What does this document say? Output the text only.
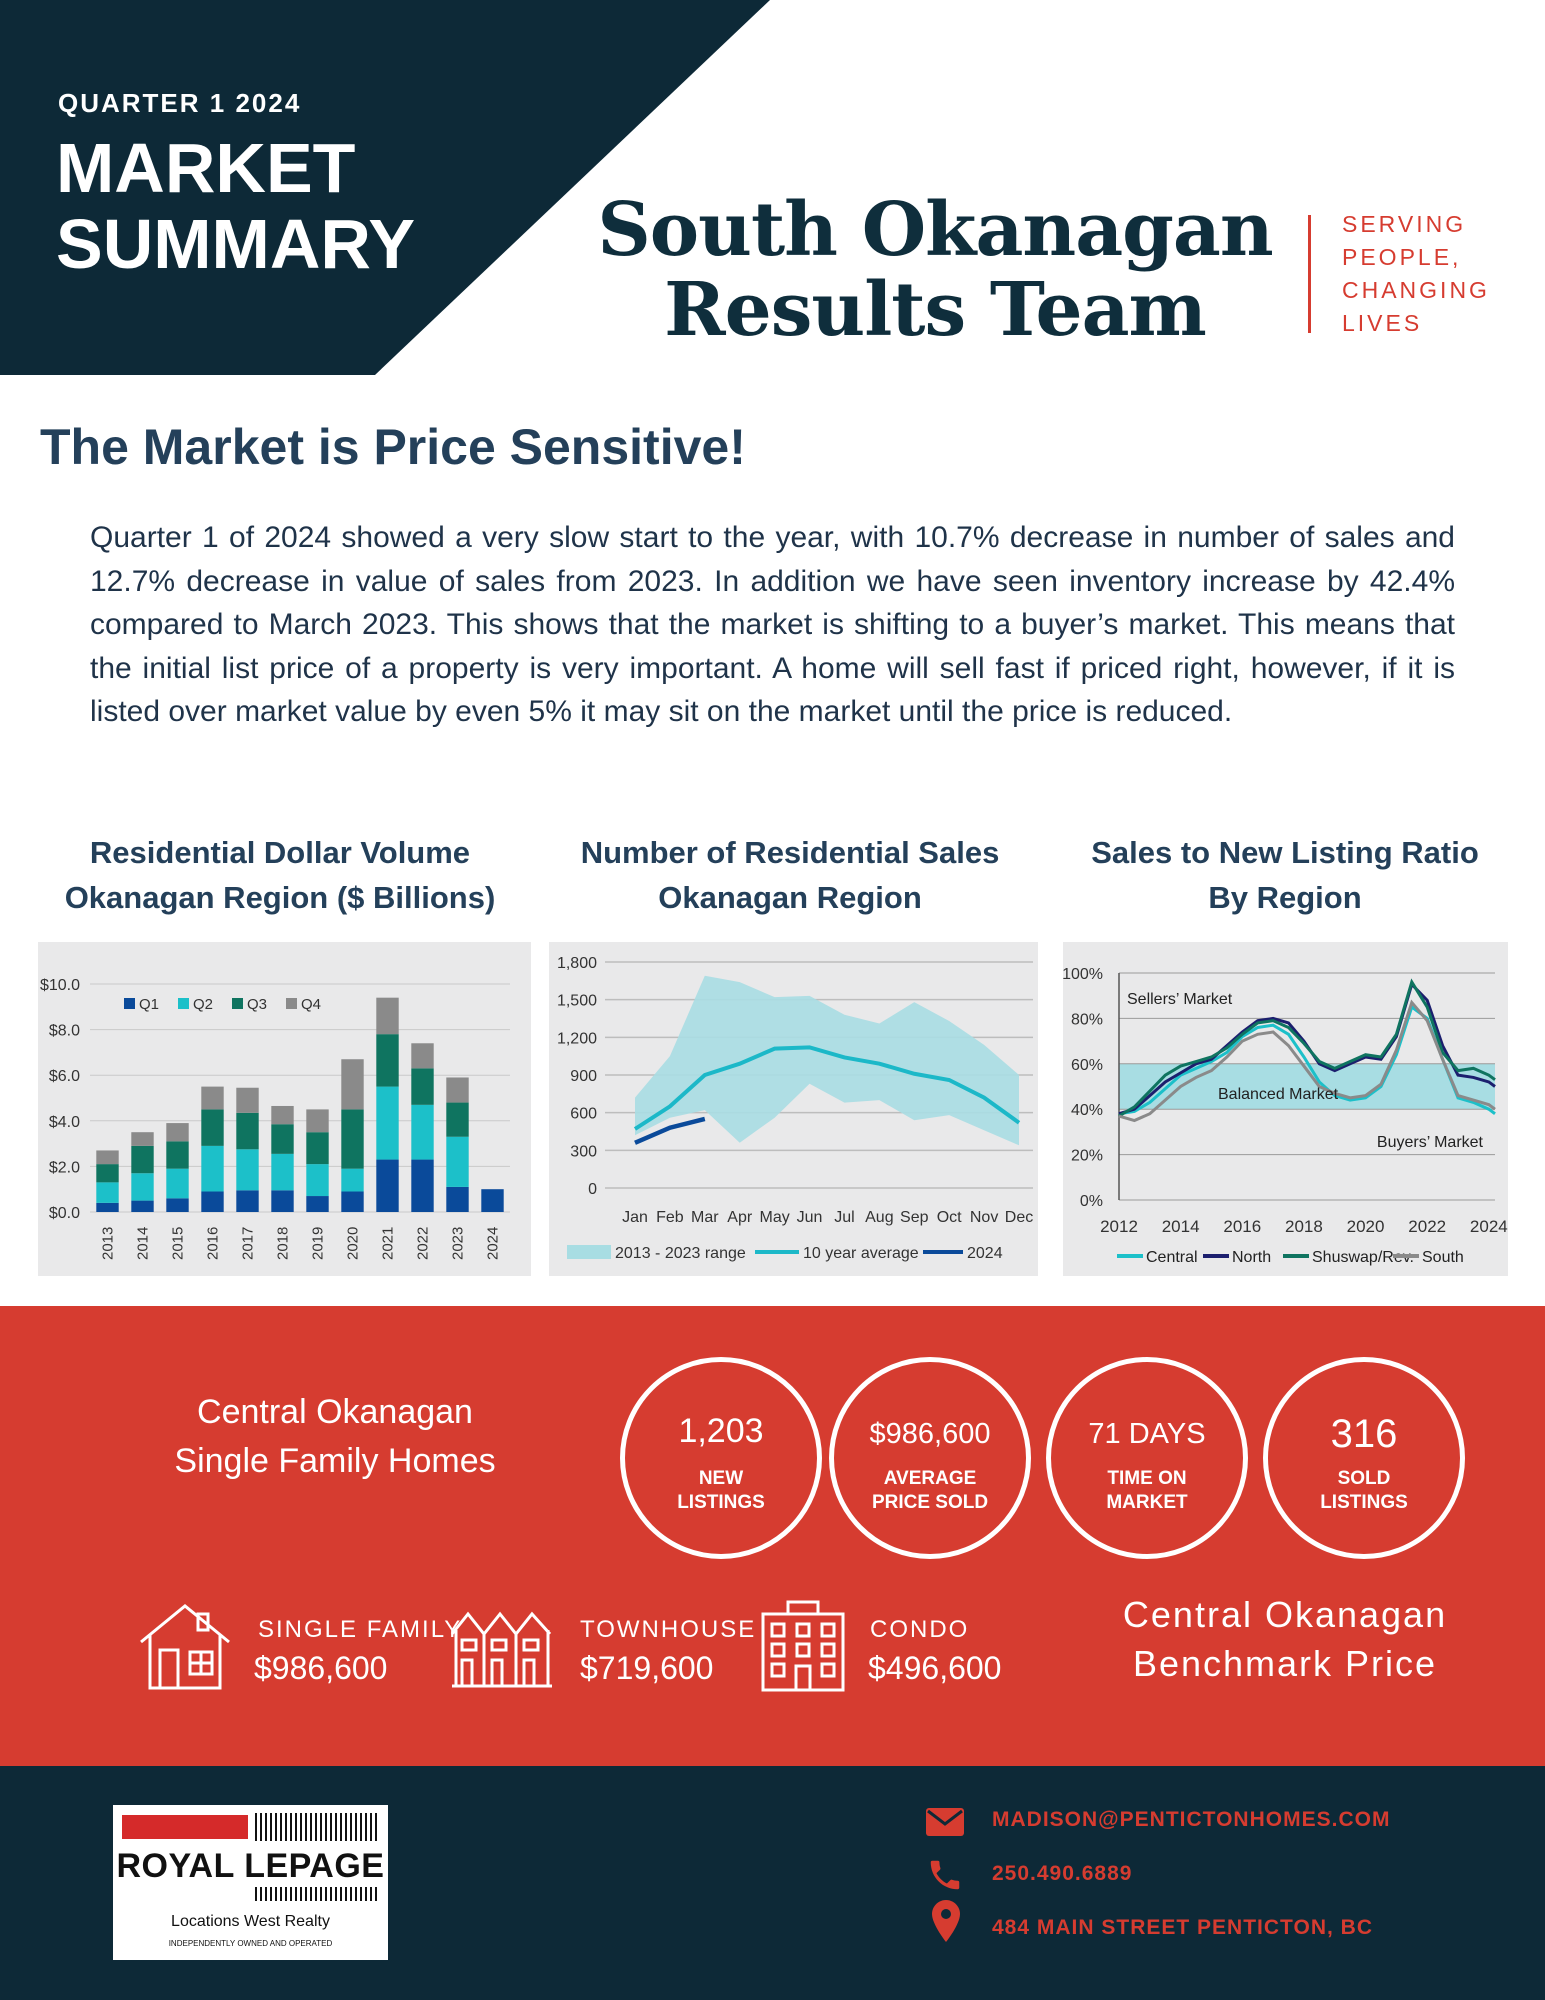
QUARTER 1 2024
MARKET
SUMMARY	South Okanagan
Results Team
SERVING
PEOPLE,
CHANGING
LIVES
The Market is Price Sensitive!
Quarter 1 of 2024 showed a very slow start to the year, with 10.7% decrease in number of sales and 12.7% decrease in value of sales from 2023. In addition we have seen inventory increase by 42.4% compared to March 2023. This shows that the market is shifting to a buyer’s market. This means that the initial list price of a property is very important. A home will sell fast if priced right, however, if it is listed over market value by even 5% it may sit on the market until the price is reduced.
Residential Dollar Volume
Okanagan Region ($ Billions)
Number of Residential Sales
Okanagan Region
Sales to New Listing Ratio
By Region
$0.0
$2.0
$4.0
$6.0
$8.0
$10.0
2013 2014 2015 2016 2017 2018 2019 2020 2021 2022 2023 2024
Q1 Q2 Q3 Q4
0
300
600
900
1,200
1,500
1,800
Jan Feb Mar Apr May Jun Jul Aug Sep Oct Nov Dec
2013 - 2023 range	10 year average	2024
0%
20%
40%
60%
80%
100%
2012 2014 2016 2018 2020 2022 2024
Sellers’ Market
Balanced Market
Buyers’ Market
Central North	Shuswap/Rev. South
Central Okanagan
Single Family Homes
1,203
NEW
LISTINGS
$986,600
AVERAGE
PRICE SOLD
71 DAYS
TIME ON
MARKET
316
SOLD
LISTINGS
SINGLE FAMILY
$986,600
TOWNHOUSE
$719,600
CONDO
$496,600
Central Okanagan
Benchmark Price
ROYAL LEPAGE
Locations West Realty
INDEPENDENTLY OWNED AND OPERATED
MADISON@PENTICTONHOMES.COM
250.490.6889
484 MAIN STREET PENTICTON, BC
